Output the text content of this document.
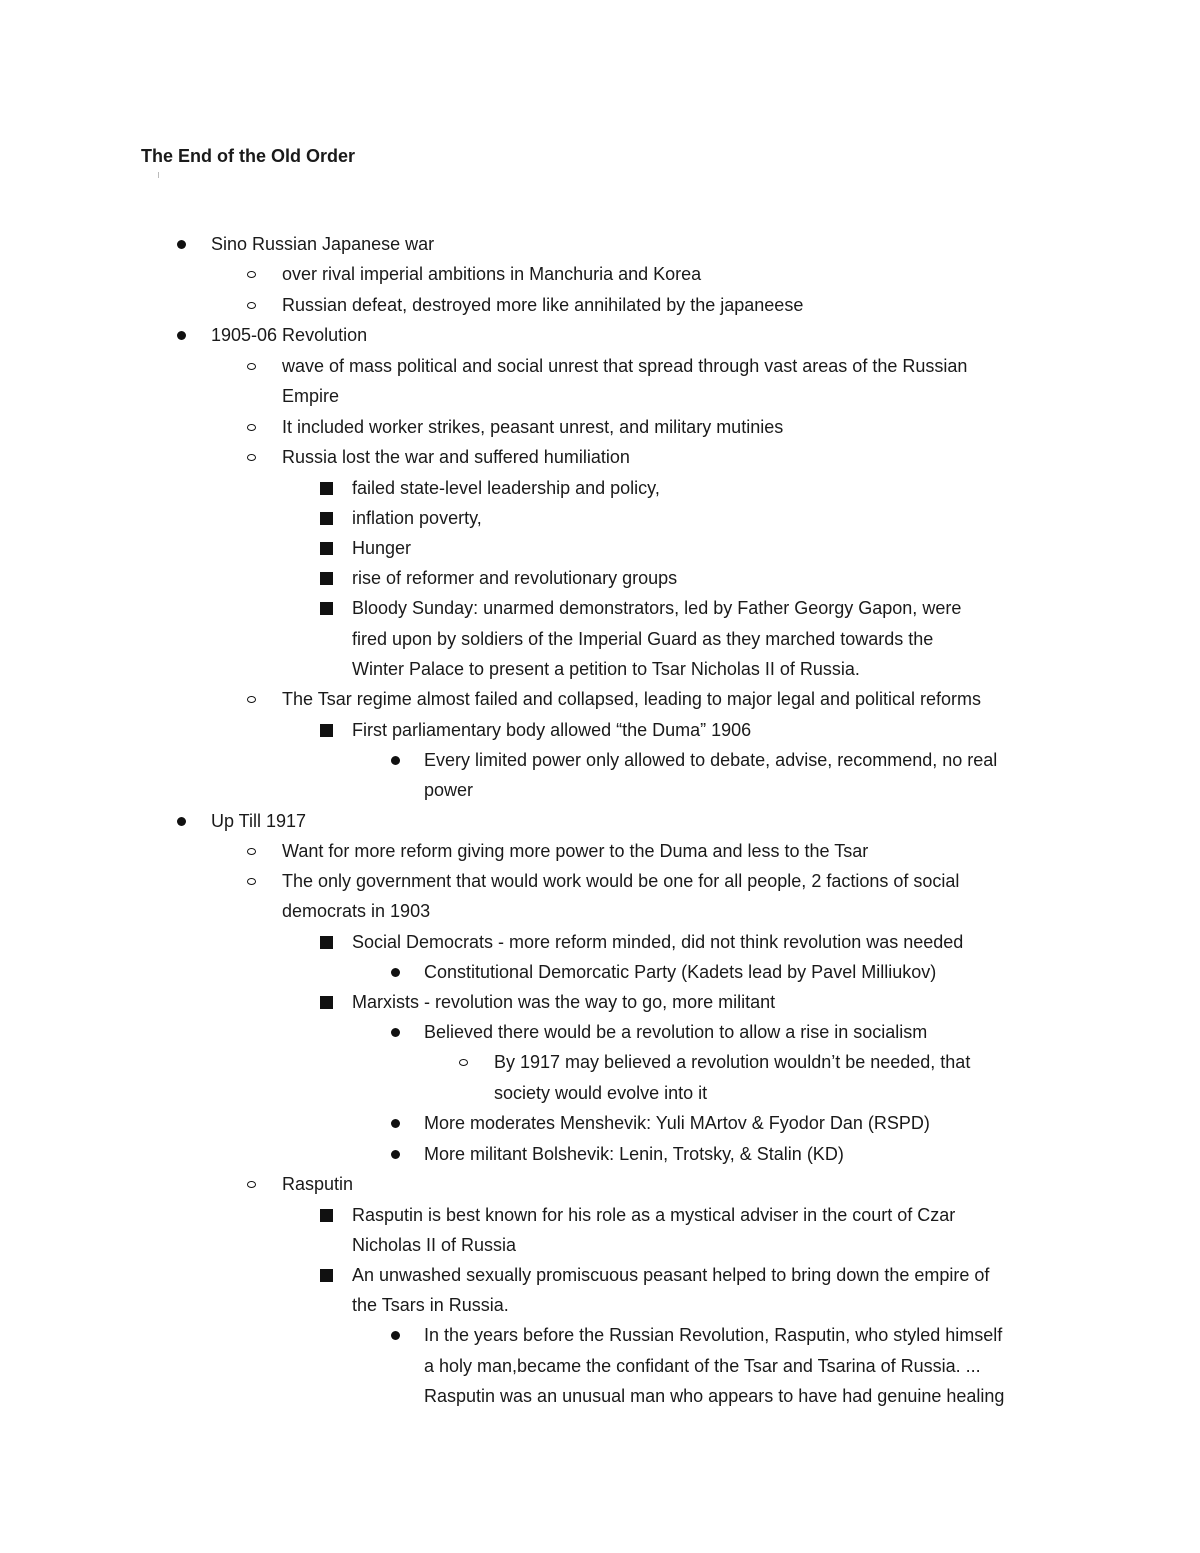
The End of the Old Order
Sino Russian Japanese war
over rival imperial ambitions in Manchuria and Korea
Russian defeat, destroyed more like annihilated by the japaneese
1905-06 Revolution
wave of mass political and social unrest that spread through vast areas of the Russian
Empire
It included worker strikes, peasant unrest, and military mutinies
Russia lost the war and suffered humiliation
failed state-level leadership and policy,
inflation poverty,
Hunger
rise of reformer and revolutionary groups
Bloody Sunday: unarmed demonstrators, led by Father Georgy Gapon, were
fired upon by soldiers of the Imperial Guard as they marched towards the
Winter Palace to present a petition to Tsar Nicholas II of Russia.
The Tsar regime almost failed and collapsed, leading to major legal and political reforms
First parliamentary body allowed “the Duma” 1906
Every limited power only allowed to debate, advise, recommend, no real
power
Up Till 1917
Want for more reform giving more power to the Duma and less to the Tsar
The only government that would work would be one for all people, 2 factions of social
democrats in 1903
Social Democrats - more reform minded, did not think revolution was needed
Constitutional Demorcatic Party (Kadets lead by Pavel Milliukov)
Marxists - revolution was the way to go, more militant
Believed there would be a revolution to allow a rise in socialism
By 1917 may believed a revolution wouldn’t be needed, that
society would evolve into it
More moderates Menshevik: Yuli MArtov & Fyodor Dan (RSPD)
More militant Bolshevik: Lenin, Trotsky, & Stalin (KD)
Rasputin
Rasputin is best known for his role as a mystical adviser in the court of Czar
Nicholas II of Russia
An unwashed sexually promiscuous peasant helped to bring down the empire of
the Tsars in Russia.
In the years before the Russian Revolution, Rasputin, who styled himself
a holy man,became the confidant of the Tsar and Tsarina of Russia. ...
Rasputin was an unusual man who appears to have had genuine healing
